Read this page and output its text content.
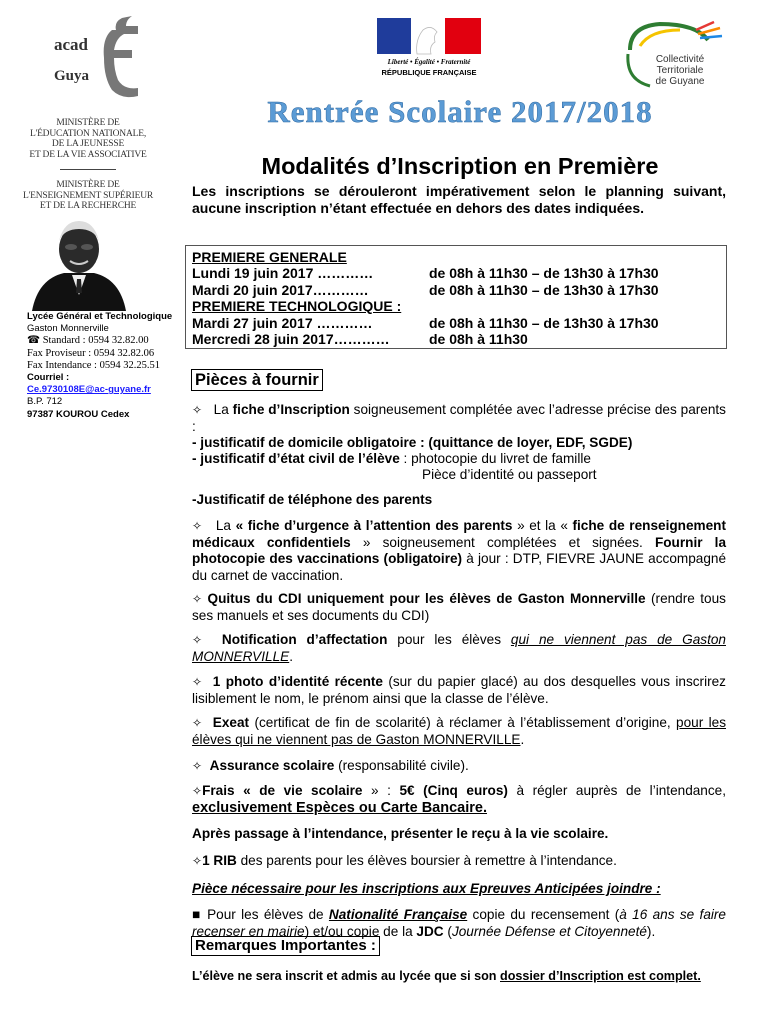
acad
Guya
MINISTÈRE DE
L'ÉDUCATION NATIONALE,
DE LA JEUNESSE
ET DE LA VIE ASSOCIATIVE
MINISTÈRE DE
L'ENSEIGNEMENT SUPÉRIEUR
ET DE LA RECHERCHE
Lycée Général et Technologique
Gaston Monnerville
☎ Standard : 0594 32.82.00
Fax Proviseur : 0594 32.82.06
Fax Intendance : 0594 32.25.51
Courriel :
Ce.9730108E@ac-guyane.fr
B.P. 712
97387 KOUROU Cedex
Liberté • Égalité • Fraternité
RÉPUBLIQUE FRANÇAISE
Collectivité
Territoriale
de Guyane
Rentrée Scolaire 2017/2018
Modalités d’Inscription en Première
Les inscriptions se dérouleront impérativement selon le planning suivant, aucune inscription n’étant effectuée en dehors des dates indiquées.
PREMIERE GENERALE
Lundi 19 juin 2017 …………	de 08h à 11h30 – de 13h30 à 17h30
Mardi 20 juin 2017…………	de 08h à 11h30 – de 13h30 à 17h30
PREMIERE TECHNOLOGIQUE :
Mardi 27 juin 2017 …………	de 08h à 11h30 – de 13h30 à 17h30
Mercredi 28 juin 2017…………	de 08h à 11h30
Pièces à fournir
✧ La fiche d’Inscription soigneusement complétée avec l’adresse précise des parents :
- justificatif de domicile obligatoire : (quittance de loyer, EDF, SGDE)
- justificatif d’état civil de l’élève : photocopie du livret de famille
Pièce d’identité ou passeport
-Justificatif de téléphone des parents
✧ La « fiche d’urgence à l’attention des parents » et la « fiche de renseignement médicaux confidentiels » soigneusement complétées et signées. Fournir la photocopie des vaccinations (obligatoire) à jour : DTP, FIEVRE JAUNE accompagné du carnet de vaccination.
✧ Quitus du CDI uniquement pour les élèves de Gaston Monnerville (rendre tous ses manuels et ses documents du CDI)
✧ Notification d’affectation pour les élèves qui ne viennent pas de Gaston MONNERVILLE.
✧ 1 photo d’identité récente (sur du papier glacé) au dos desquelles vous inscrirez lisiblement le nom, le prénom ainsi que la classe de l’élève.
✧ Exeat (certificat de fin de scolarité) à réclamer à l’établissement d’origine, pour les élèves qui ne viennent pas de Gaston MONNERVILLE.
✧ Assurance scolaire (responsabilité civile).
✧Frais « de vie scolaire » : 5€ (Cinq euros) à régler auprès de l’intendance, exclusivement Espèces ou Carte Bancaire.
Après passage à l’intendance, présenter le reçu à la vie scolaire.
✧1 RIB des parents pour les élèves boursier à remettre à l’intendance.
Pièce nécessaire pour les inscriptions aux Epreuves Anticipées joindre :
■ Pour les élèves de Nationalité Française copie du recensement (à 16 ans se faire recenser en mairie) et/ou copie de la JDC (Journée Défense et Citoyenneté).
Remarques Importantes :
L’élève ne sera inscrit et admis au lycée que si son dossier d’Inscription est complet.
